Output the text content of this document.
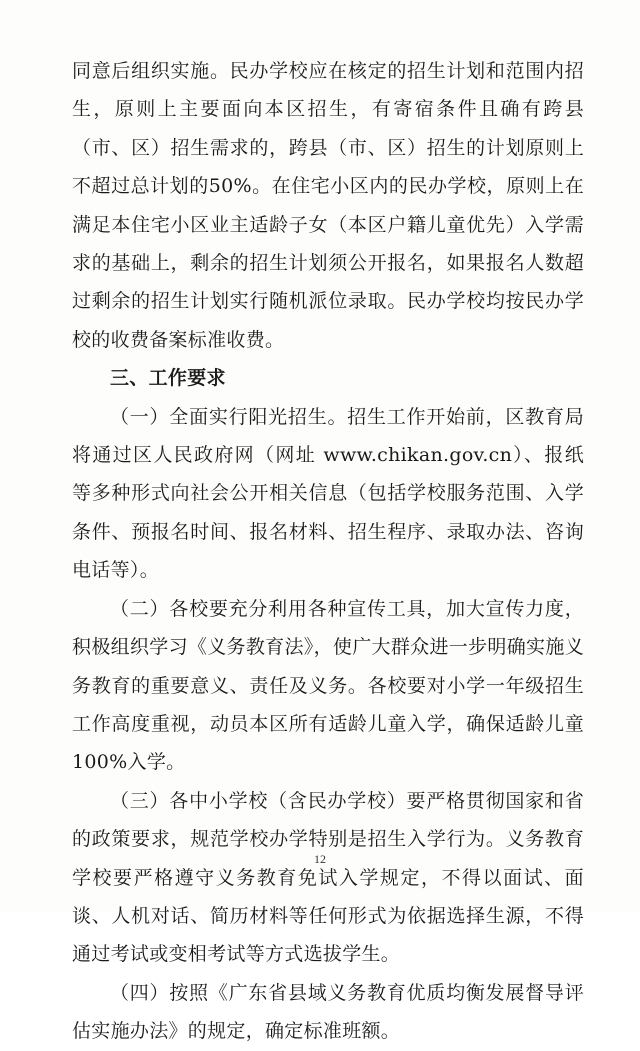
同意后组织实施。民办学校应在核定的招生计划和范围内招生，原则上主要面向本区招生，有寄宿条件且确有跨县（市、区）招生需求的，跨县（市、区）招生的计划原则上不超过总计划的50%。在住宅小区内的民办学校，原则上在满足本住宅小区业主适龄子女（本区户籍儿童优先）入学需求的基础上，剩余的招生计划须公开报名，如果报名人数超过剩余的招生计划实行随机派位录取。民办学校均按民办学校的收费备案标准收费。

三、工作要求

（一）全面实行阳光招生。招生工作开始前，区教育局将通过区人民政府网（网址 www.chikan.gov.cn）、报纸等多种形式向社会公开相关信息（包括学校服务范围、入学条件、预报名时间、报名材料、招生程序、录取办法、咨询电话等）。

（二）各校要充分利用各种宣传工具，加大宣传力度，积极组织学习《义务教育法》，使广大群众进一步明确实施义务教育的重要意义、责任及义务。各校要对小学一年级招生工作高度重视，动员本区所有适龄儿童入学，确保适龄儿童100%入学。

（三）各中小学校（含民办学校）要严格贯彻国家和省的政策要求，规范学校办学特别是招生入学行为。义务教育学校要严格遵守义务教育免试入学规定，不得以面试、面谈、人机对话、简历材料等任何形式为依据选择生源，不得通过考试或变相考试等方式选拔学生。

（四）按照《广东省县域义务教育优质均衡发展督导评估实施办法》的规定，确定标准班额。

12
